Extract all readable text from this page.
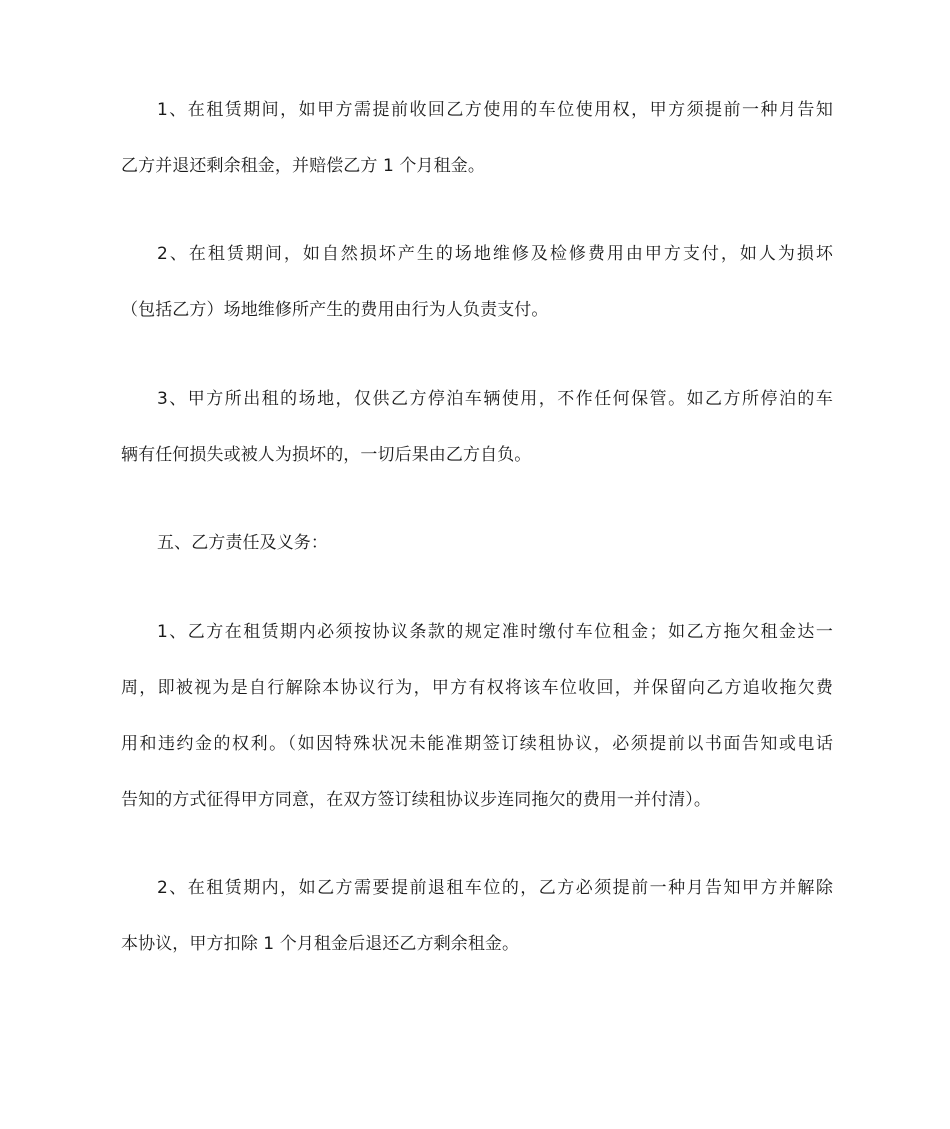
1、在租赁期间，如甲方需提前收回乙方使用的车位使用权，甲方须提前一种月告知
乙方并退还剩余租金，并赔偿乙方 1 个月租金。
2、在租赁期间，如自然损坏产生的场地维修及检修费用由甲方支付，如人为损坏
（包括乙方）场地维修所产生的费用由行为人负责支付。
3、甲方所出租的场地，仅供乙方停泊车辆使用，不作任何保管。如乙方所停泊的车
辆有任何损失或被人为损坏的，一切后果由乙方自负。
五、乙方责任及义务：
1、乙方在租赁期内必须按协议条款的规定准时缴付车位租金；如乙方拖欠租金达一
周，即被视为是自行解除本协议行为，甲方有权将该车位收回，并保留向乙方追收拖欠费
用和违约金的权利。（如因特殊状况未能准期签订续租协议，必须提前以书面告知或电话
告知的方式征得甲方同意，在双方签订续租协议步连同拖欠的费用一并付清）。
2、在租赁期内，如乙方需要提前退租车位的，乙方必须提前一种月告知甲方并解除
本协议，甲方扣除 1 个月租金后退还乙方剩余租金。
